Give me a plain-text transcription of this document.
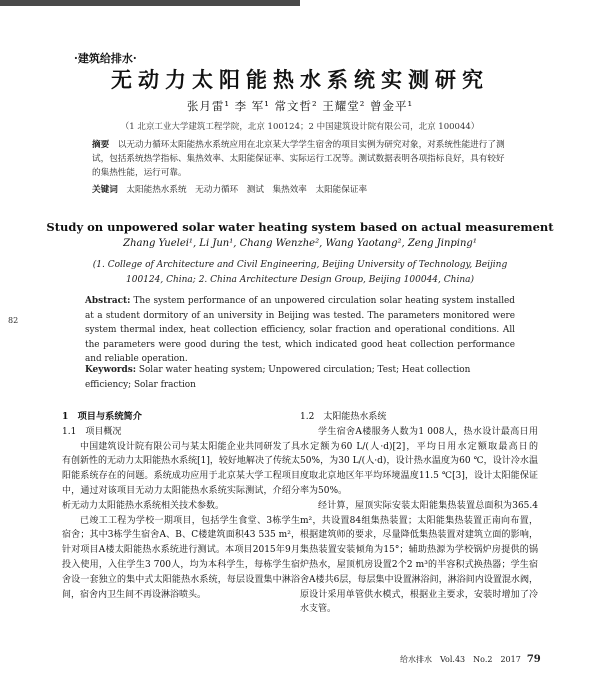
82
·建筑给排水·
无动力太阳能热水系统实测研究
张月雷¹ 李 军¹ 常文哲² 王耀堂² 曾金平¹
（1 北京工业大学建筑工程学院，北京 100124；2 中国建筑设计院有限公司，北京 100044）
摘要　 以无动力循环太阳能热水系统应用在北京某大学学生宿舍的项目实例为研究对象，对系统性能进行了测试，包括系统热学指标、集热效率、太阳能保证率、实际运行工况等。测试数据表明各项指标良好，具有较好的集热性能，运行可靠。
关键词　 太阳能热水系统　无动力循环　测试　集热效率　太阳能保证率
Study on unpowered solar water heating system based on actual measurement
Zhang Yuelei¹, Li Jun¹, Chang Wenzhe², Wang Yaotang², Zeng Jinping¹
(1. College of Architecture and Civil Engineering, Beijing University of Technology, Beijing 100124, China; 2. China Architecture Design Group, Beijing 100044, China)
Abstract: The system performance of an unpowered circulation solar heating system installed at a student dormitory of an university in Beijing was tested. The parameters monitored were system thermal index, heat collection efficiency, solar fraction and operational conditions. All the parameters were good during the test, which indicated good heat collection performance and reliable operation.
Keywords: Solar water heating system; Unpowered circulation; Test; Heat collection efficiency; Solar fraction
1　项目与系统简介
1.1　项目概况

中国建筑设计院有限公司与某太阳能企业共同研发了具有创新性的无动力太阳能热水系统[1]，较好地解决了传统太阳能系统存在的问题。系统成功应用于北京某大学工程项目中，通过对该项目无动力太阳能热水系统实际测试，介绍分析无动力太阳能热水系统相关技术参数。

已竣工工程为学校一期项目，包括学生食堂、3栋学生宿舍；其中3栋学生宿舍A、B、C楼建筑面积43 535 m²，针对项目A楼太阳能热水系统进行测试。本项目2015年9月投入使用，入住学生3 700人，均为本科学生，每栋学生宿舍设一套独立的集中式太阳能热水系统，每层设置集中淋浴间，宿舍内卫生间不再设淋浴喷头。

1.2　太阳能热水系统

学生宿舍A楼服务人数为1 008人，热水设计最高日用水定额为60 L/(人·d)[2]，平均日用水定额取最高日的50%，为30 L/(人·d)，设计热水温度为60 ℃，设计冷水温度取北京地区年平均环境温度11.5 ℃[3]，设计太阳能保证率为50%。

经计算，屋顶实际安装太阳能集热装置总面积为365.4 m²，共设置84组集热装置；太阳能集热装置正南向布置，根据建筑师的要求，尽量降低集热装置对建筑立面的影响，集热装置安装倾角为15°；辅助热源为学校锅炉房提供的锅炉热水，屋顶机房设置2个2 m³的半容积式换热器；学生宿舍A楼共6层，每层集中设置淋浴间，淋浴间内设置混水阀，原设计采用单管供水模式，根据业主要求，安装时增加了冷水支管。

给水排水　Vol.43　No.2　2017 79
